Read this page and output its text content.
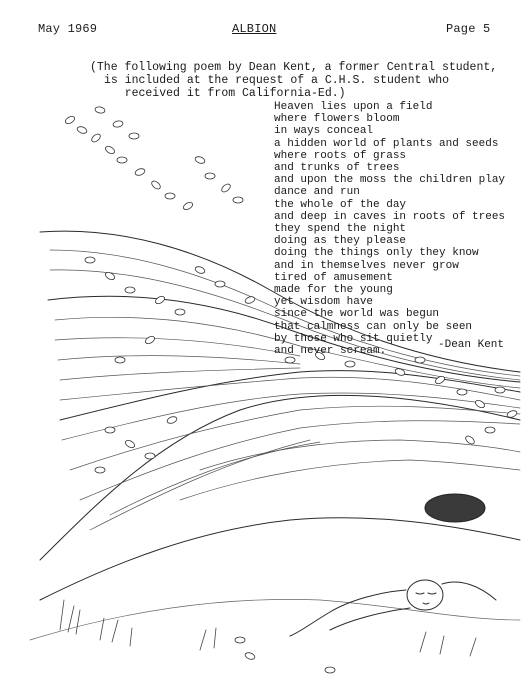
May 1969	ALBION	Page 5
(The following poem by Dean Kent, a former Central student,
is included at the request of a C.H.S. student who
received it from California-Ed.)
Heaven lies upon a field
where flowers bloom
in ways conceal
a hidden world of plants and seeds
where roots of grass
and trunks of trees
and upon the moss the children play
dance and run
the whole of the day
and deep in caves in roots of trees
they spend the night
doing as they please
doing the things only they know
and in themselves never grow
tired of amusement
made for the young
yet wisdom have
since the world was begun
that calmness can only be seen
by those who sit quietly
and never scream.
-Dean Kent
